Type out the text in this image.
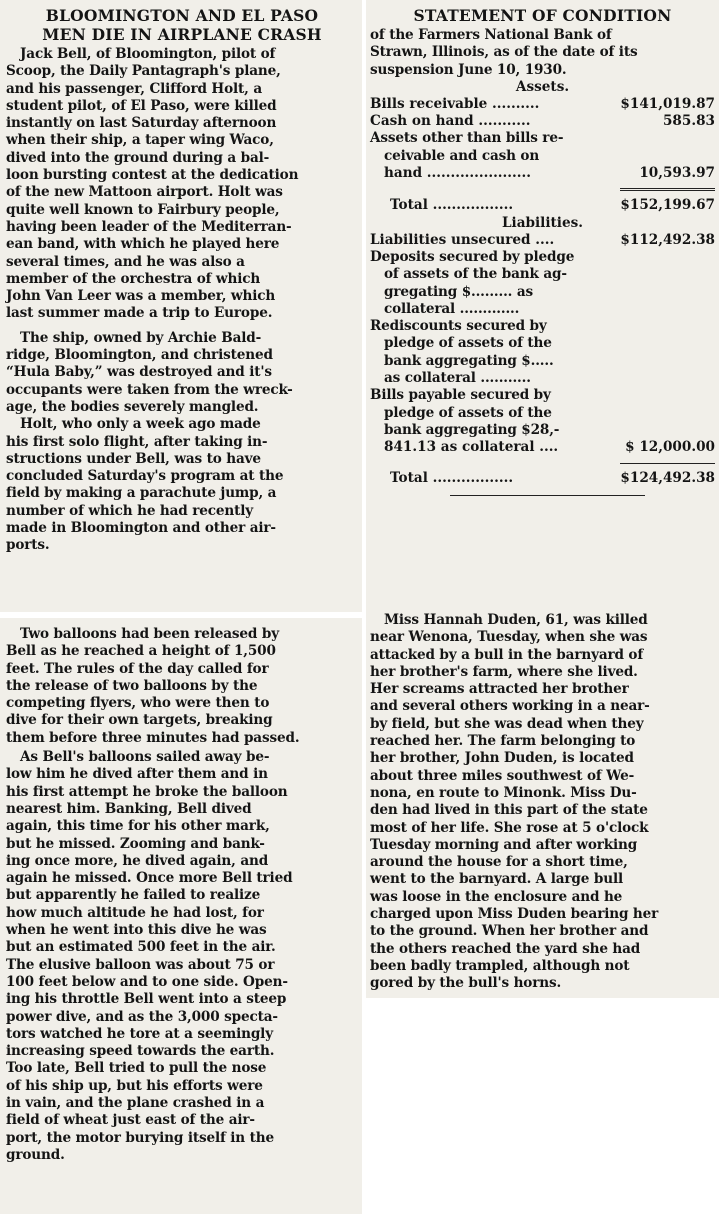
BLOOMINGTON AND EL PASO
MEN DIE IN AIRPLANE CRASH
Jack Bell, of Bloomington, pilot of
Scoop, the Daily Pantagraph's plane,
and his passenger, Clifford Holt, a
student pilot, of El Paso, were killed
instantly on last Saturday afternoon
when their ship, a taper wing Waco,
dived into the ground during a bal-
loon bursting contest at the dedication
of the new Mattoon airport. Holt was
quite well known to Fairbury people,
having been leader of the Mediterran-
ean band, with which he played here
several times, and he was also a
member of the orchestra of which
John Van Leer was a member, which
last summer made a trip to Europe.
The ship, owned by Archie Bald-
ridge, Bloomington, and christened
“Hula Baby,” was destroyed and it's
occupants were taken from the wreck-
age, the bodies severely mangled.
Holt, who only a week ago made
his first solo flight, after taking in-
structions under Bell, was to have
concluded Saturday's program at the
field by making a parachute jump, a
number of which he had recently
made in Bloomington and other air-
ports.
Two balloons had been released by
Bell as he reached a height of 1,500
feet. The rules of the day called for
the release of two balloons by the
competing flyers, who were then to
dive for their own targets, breaking
them before three minutes had passed.
As Bell's balloons sailed away be-
low him he dived after them and in
his first attempt he broke the balloon
nearest him. Banking, Bell dived
again, this time for his other mark,
but he missed. Zooming and bank-
ing once more, he dived again, and
again he missed. Once more Bell tried
but apparently he failed to realize
how much altitude he had lost, for
when he went into this dive he was
but an estimated 500 feet in the air.
The elusive balloon was about 75 or
100 feet below and to one side. Open-
ing his throttle Bell went into a steep
power dive, and as the 3,000 specta-
tors watched he tore at a seemingly
increasing speed towards the earth.
Too late, Bell tried to pull the nose
of his ship up, but his efforts were
in vain, and the plane crashed in a
field of wheat just east of the air-
port, the motor burying itself in the
ground.
STATEMENT OF CONDITION
of the Farmers National Bank of
Strawn, Illinois, as of the date of its
suspension June 10, 1930.
Assets.
Bills receivable ..........	$141,019.87
Cash on hand ...........	585.83
Assets other than bills re-
ceivable and cash on
hand ......................	10,593.97
Total .................	$152,199.67
Liabilities.
Liabilities unsecured ....	$112,492.38
Deposits secured by pledge
of assets of the bank ag-
gregating $......... as
collateral .............
Rediscounts secured by
pledge of assets of the
bank aggregating $.....
as collateral ...........
Bills payable secured by
pledge of assets of the
bank aggregating $28,-
841.13 as collateral ....	$ 12,000.00
Total .................	$124,492.38
Miss Hannah Duden, 61, was killed
near Wenona, Tuesday, when she was
attacked by a bull in the barnyard of
her brother's farm, where she lived.
Her screams attracted her brother
and several others working in a near-
by field, but she was dead when they
reached her. The farm belonging to
her brother, John Duden, is located
about three miles southwest of We-
nona, en route to Minonk. Miss Du-
den had lived in this part of the state
most of her life. She rose at 5 o'clock
Tuesday morning and after working
around the house for a short time,
went to the barnyard. A large bull
was loose in the enclosure and he
charged upon Miss Duden bearing her
to the ground. When her brother and
the others reached the yard she had
been badly trampled, although not
gored by the bull's horns.
